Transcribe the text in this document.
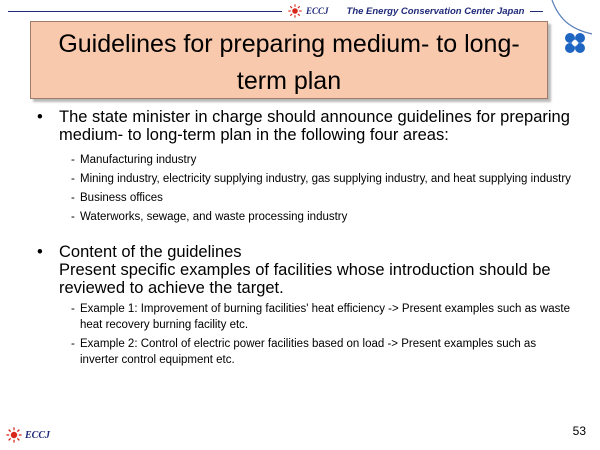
ECCJ The Energy Conservation Center Japan
Guidelines for preparing medium- to long-term plan
• The state minister in charge should announce guidelines for preparing medium- to long-term plan in the following four areas:
- Manufacturing industry
- Mining industry, electricity supplying industry, gas supplying industry, and heat supplying industry
- Business offices
- Waterworks, sewage, and waste processing industry
• Content of the guidelines
Present specific examples of facilities whose introduction should be reviewed to achieve the target.
- Example 1: Improvement of burning facilities' heat efficiency -> Present examples such as waste heat recovery burning facility etc.
- Example 2: Control of electric power facilities based on load -> Present examples such as inverter control equipment etc.
ECCJ	53
